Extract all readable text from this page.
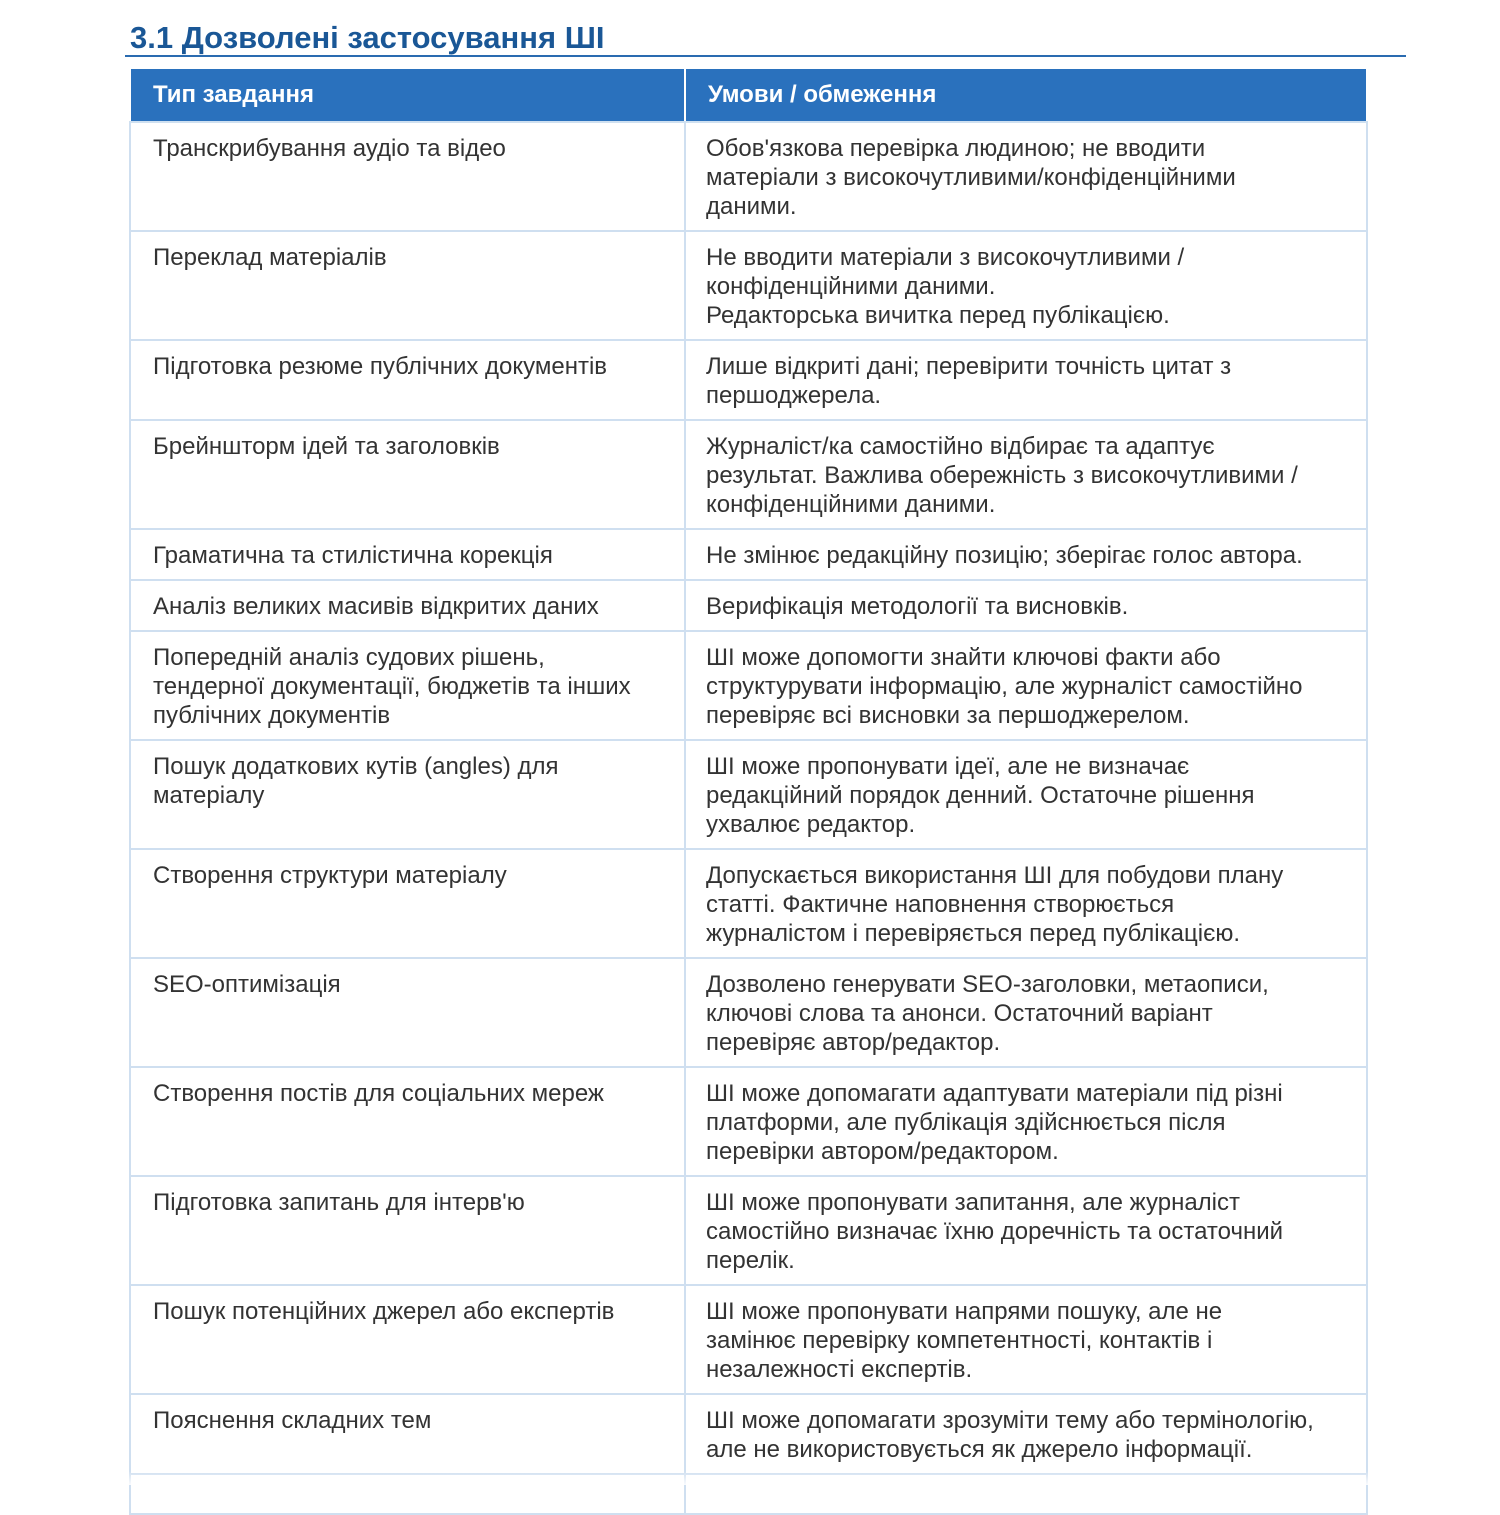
3.1 Дозволені застосування ШІ
Тип завдання	Умови / обмеження
Транскрибування аудіо та відео	Обов'язкова перевірка людиною; не вводити
матеріали з високочутливими/конфіденційними
даними.
Переклад матеріалів	Не вводити матеріали з високочутливими /
конфіденційними даними.
Редакторська вичитка перед публікацією.
Підготовка резюме публічних документів	Лише відкриті дані; перевірити точність цитат з
першоджерела.
Брейншторм ідей та заголовків	Журналіст/ка самостійно відбирає та адаптує
результат. Важлива обережність з високочутливими /
конфіденційними даними.
Граматична та стилістична корекція	Не змінює редакційну позицію; зберігає голос автора.
Аналіз великих масивів відкритих даних	Верифікація методології та висновків.
Попередній аналіз судових рішень,
тендерної документації, бюджетів та інших
публічних документів	ШІ може допомогти знайти ключові факти або
структурувати інформацію, але журналіст самостійно
перевіряє всі висновки за першоджерелом.
Пошук додаткових кутів (angles) для
матеріалу	ШІ може пропонувати ідеї, але не визначає
редакційний порядок денний. Остаточне рішення
ухвалює редактор.
Створення структури матеріалу	Допускається використання ШІ для побудови плану
статті. Фактичне наповнення створюється
журналістом і перевіряється перед публікацією.
SEO-оптимізація	Дозволено генерувати SEO-заголовки, метаописи,
ключові слова та анонси. Остаточний варіант
перевіряє автор/редактор.
Створення постів для соціальних мереж	ШІ може допомагати адаптувати матеріали під різні
платформи, але публікація здійснюється після
перевірки автором/редактором.
Підготовка запитань для інтерв'ю	ШІ може пропонувати запитання, але журналіст
самостійно визначає їхню доречність та остаточний
перелік.
Пошук потенційних джерел або експертів	ШІ може пропонувати напрями пошуку, але не
замінює перевірку компетентності, контактів і
незалежності експертів.
Пояснення складних тем	ШІ може допомагати зрозуміти тему або термінологію,
але не використовується як джерело інформації.
